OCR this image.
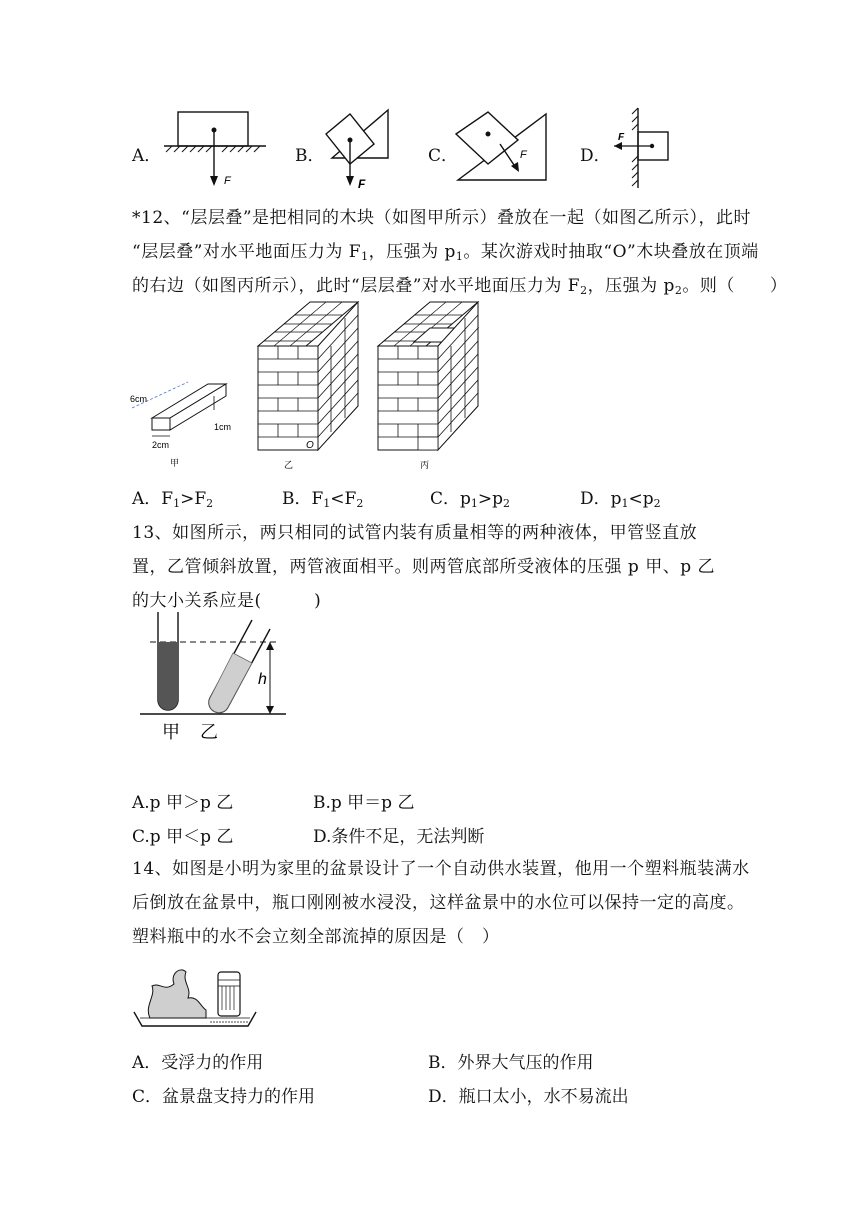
A．
F
B．
F
C．	F	D．
F
*12、“层层叠”是把相同的木块（如图甲所示）叠放在一起（如图乙所示），此时
“层层叠”对水平地面压力为 $F_1$，压强为 $p_1$。某次游戏时抽取“O”木块叠放在顶端
的右边（如图丙所示），此时“层层叠”对水平地面压力为 $F_2$，压强为 $p_2$。则（　　）
6cm
2cm
1cm
甲
O
乙	丙
A．$F_1>F_2$	B．$F_1<F_2$	C．$p_1>p_2$	D．$p_1<p_2$
13、如图所示，两只相同的试管内装有质量相等的两种液体，甲管竖直放
置，乙管倾斜放置，两管液面相平。则两管底部所受液体的压强 p 甲、p 乙
的大小关系应是(　　　)
h
甲 乙
A.p 甲＞p 乙	B.p 甲＝p 乙
C.p 甲＜p 乙	D.条件不足，无法判断
14、如图是小明为家里的盆景设计了一个自动供水装置，他用一个塑料瓶装满水
后倒放在盆景中，瓶口刚刚被水浸没，这样盆景中的水位可以保持一定的高度。
塑料瓶中的水不会立刻全部流掉的原因是（　）
A．受浮力的作用	B．外界大气压的作用
C．盆景盘支持力的作用	D．瓶口太小，水不易流出
